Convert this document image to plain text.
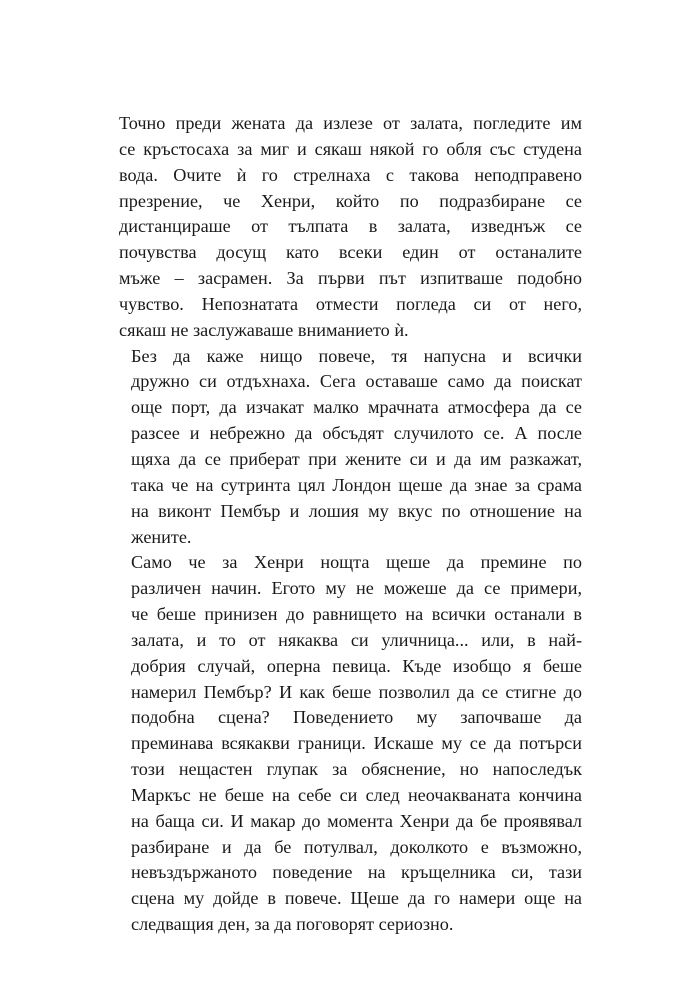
Точно преди жената да излезе от залата, погледите им
се кръстосаха за миг и сякаш някой го обля със студена
вода. Очите ѝ го стрелнаха с такова неподправено
презрение, че Хенри, който по подразбиране се
дистанцираше от тълпата в залата, изведнъж се
почувства досущ като всеки един от останалите
мъже – засрамен. За първи път изпитваше подобно
чувство. Непознатата отмести погледа си от него,
сякаш не заслужаваше вниманието ѝ.
Без да каже нищо повече, тя напусна и всички
дружно си отдъхнаха. Сега оставаше само да поискат
още порт, да изчакат малко мрачната атмосфера да се
разсее и небрежно да обсъдят случилото се. А после
щяха да се приберат при жените си и да им разкажат,
така че на сутринта цял Лондон щеше да знае за срама
на виконт Пембър и лошия му вкус по отношение на
жените.
Само че за Хенри нощта щеше да премине по
различен начин. Егото му не можеше да се примери,
че беше принизен до равнището на всички останали в
залата, и то от някаква си уличница... или, в най-
добрия случай, оперна певица. Къде изобщо я беше
намерил Пембър? И как беше позволил да се стигне до
подобна сцена? Поведението му започваше да
преминава всякакви граници. Искаше му се да потърси
този нещастен глупак за обяснение, но напоследък
Маркъс не беше на себе си след неочакваната кончина
на баща си. И макар до момента Хенри да бе проявявал
разбиране и да бе потулвал, доколкото е възможно,
невъздържаното поведение на кръщелника си, тази
сцена му дойде в повече. Щеше да го намери още на
следващия ден, за да поговорят сериозно.
